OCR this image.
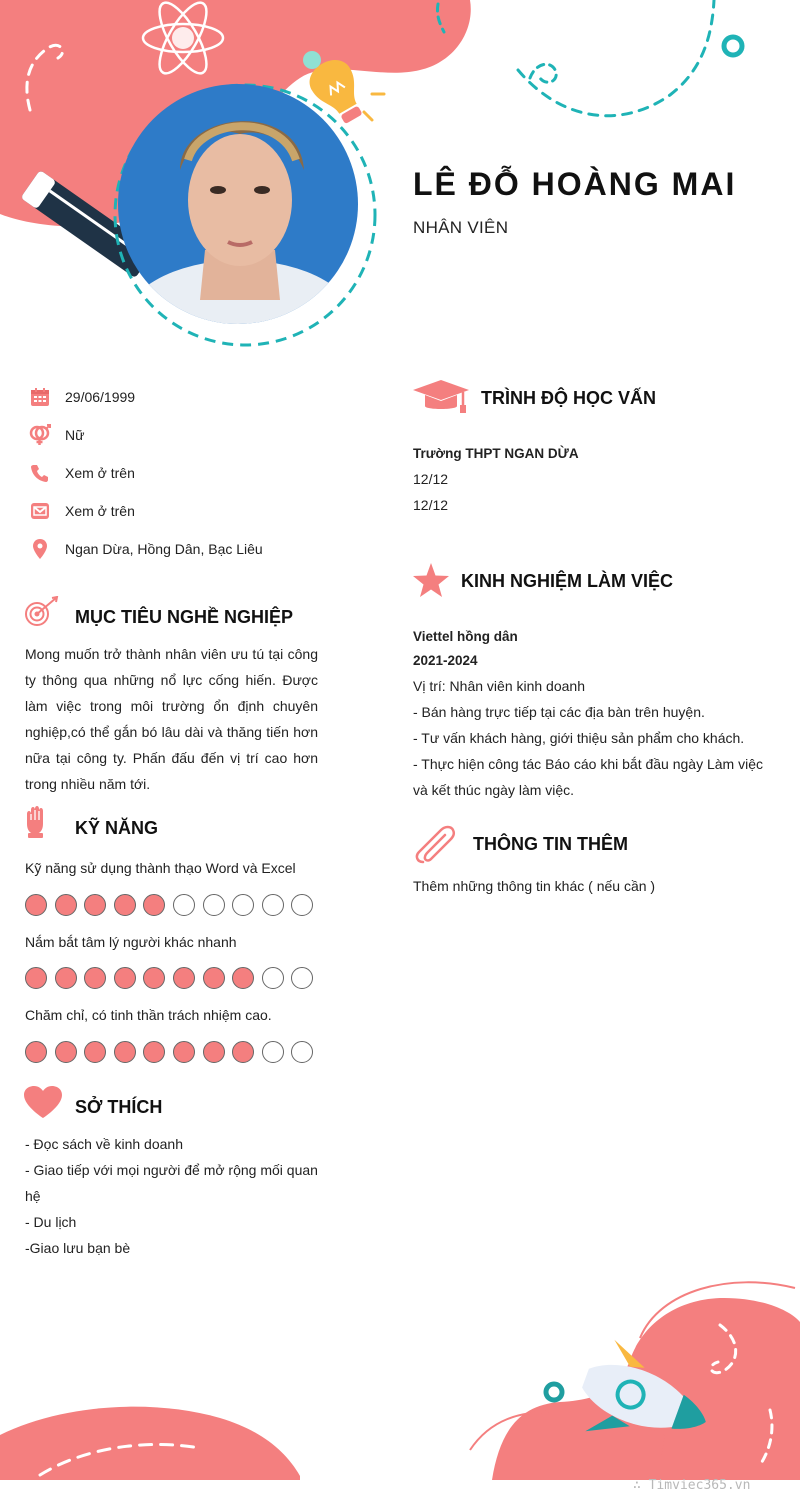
LÊ ĐỖ HOÀNG MAI
NHÂN VIÊN
29/06/1999
Nữ
Xem ở trên
Xem ở trên
Ngan Dừa, Hồng Dân, Bạc Liêu
MỤC TIÊU NGHỀ NGHIỆP
Mong muốn trở thành nhân viên ưu tú tại công ty thông qua những nổ lực cống hiến. Được làm việc trong môi trường ổn định chuyên nghiệp,có thể gắn bó lâu dài và thăng tiến hơn nữa tại công ty. Phấn đấu đến vị trí cao hơn trong nhiều năm tới.
KỸ NĂNG
Kỹ năng sử dụng thành thạo Word và Excel
Nắm bắt tâm lý người khác nhanh
Chăm chỉ, có tinh thần trách nhiệm cao.
SỞ THÍCH
- Đọc sách về kinh doanh
- Giao tiếp với mọi người để mở rộng mối quan
hệ
- Du lịch
-Giao lưu bạn bè
TRÌNH ĐỘ HỌC VẤN
Trường THPT NGAN DỪA
12/12
12/12
KINH NGHIỆM LÀM VIỆC
Viettel hồng dân
2021-2024
Vị trí: Nhân viên kinh doanh
- Bán hàng trực tiếp tại các địa bàn trên huyện.
- Tư vấn khách hàng, giới thiệu sản phẩm cho khách.
- Thực hiện công tác Báo cáo khi bắt đầu ngày Làm việc
và kết thúc ngày làm việc.
THÔNG TIN THÊM
Thêm những thông tin khác ( nếu cần )
∴ Timviec365.vn
